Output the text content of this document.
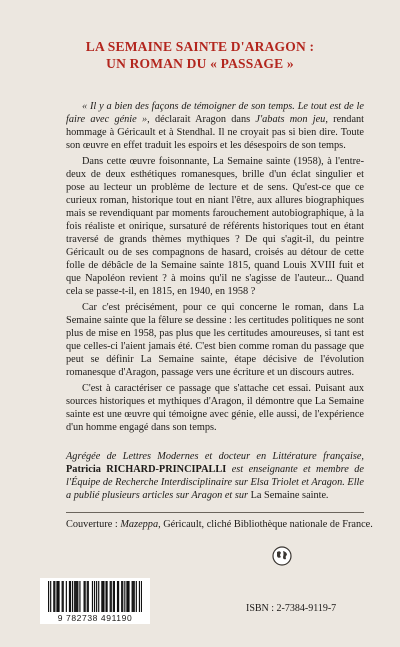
LA SEMAINE SAINTE D'ARAGON :
UN ROMAN DU « PASSAGE »

« Il y a bien des façons de témoigner de son temps. Le tout est de le faire avec génie », déclarait Aragon dans J'abats mon jeu, rendant hommage à Géricault et à Stendhal. Il ne croyait pas si bien dire. Toute son œuvre en effet traduit les espoirs et les désespoirs de son temps.

Dans cette œuvre foisonnante, La Semaine sainte (1958), à l'entre-deux de deux esthétiques romanesques, brille d'un éclat singulier et pose au lecteur un problème de lecture et de sens. Qu'est-ce que ce curieux roman, historique tout en niant l'être, aux allures biographiques mais se revendiquant par moments farouchement autobiographique, à la fois réaliste et onirique, sursaturé de référents historiques tout en étant traversé de grands thèmes mythiques ? De qui s'agit-il, du peintre Géricault ou de ses compagnons de hasard, croisés au détour de cette folle de débâcle de la Semaine sainte 1815, quand Louis XVIII fuit et que Napoléon revient ? à moins qu'il ne s'agisse de l'auteur... Quand cela se passe-t-il, en 1815, en 1940, en 1958 ?

Car c'est précisément, pour ce qui concerne le roman, dans La Semaine sainte que la fêlure se dessine : les certitudes politiques ne sont plus de mise en 1958, pas plus que les certitudes amoureuses, si tant est que celles-ci l'aient jamais été. C'est bien comme roman du passage que peut se définir La Semaine sainte, étape décisive de l'évolution romanesque d'Aragon, passage vers une écriture et un discours autres.

C'est à caractériser ce passage que s'attache cet essai. Puisant aux sources historiques et mythiques d'Aragon, il démontre que La Semaine sainte est une œuvre qui témoigne avec génie, elle aussi, de l'expérience d'un homme engagé dans son temps.

Agrégée de Lettres Modernes et docteur en Littérature française, Patricia RICHARD-PRINCIPALLI est enseignante et membre de l'Équipe de Recherche Interdisciplinaire sur Elsa Triolet et Aragon. Elle a publié plusieurs articles sur Aragon et sur La Semaine sainte.

Couverture : Mazeppa, Géricault, cliché Bibliothèque nationale de France.
9 782738 491190
ISBN : 2-7384-9119-7
